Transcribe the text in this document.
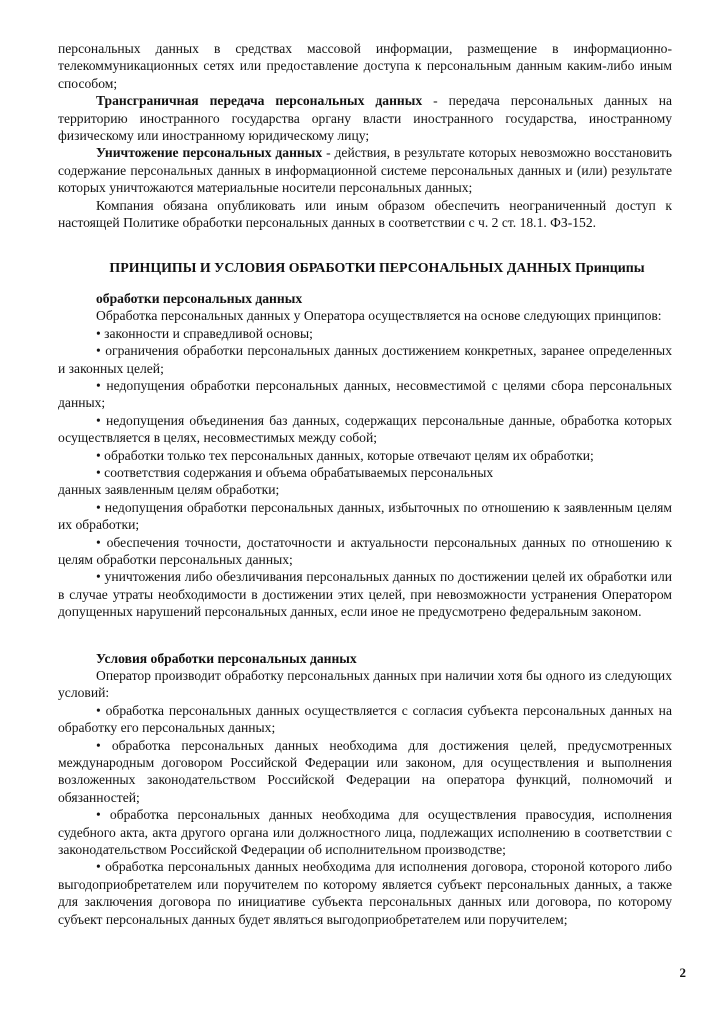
персональных данных в средствах массовой информации, размещение в информационно-телекоммуникационных сетях или предоставление доступа к персональным данным каким-либо иным способом;

Трансграничная передача персональных данных - передача персональных данных на территорию иностранного государства органу власти иностранного государства, иностранному физическому или иностранному юридическому лицу;

Уничтожение персональных данных - действия, в результате которых невозможно восстановить содержание персональных данных в информационной системе персональных данных и (или) результате которых уничтожаются материальные носители персональных данных;

Компания обязана опубликовать или иным образом обеспечить неограниченный доступ к настоящей Политике обработки персональных данных в соответствии с ч. 2 ст. 18.1. ФЗ-152.

ПРИНЦИПЫ И УСЛОВИЯ ОБРАБОТКИ ПЕРСОНАЛЬНЫХ ДАННЫХ Принципы

обработки персональных данных

Обработка персональных данных у Оператора осуществляется на основе следующих принципов:

• законности и справедливой основы;

• ограничения обработки персональных данных достижением конкретных, заранее определенных и законных целей;

• недопущения обработки персональных данных, несовместимой с целями сбора персональных данных;

• недопущения объединения баз данных, содержащих персональные данные, обработка которых осуществляется в целях, несовместимых между собой;

• обработки только тех персональных данных, которые отвечают целям их обработки;

• соответствия содержания и объема обрабатываемых персональных

данных заявленным целям обработки;

• недопущения обработки персональных данных, избыточных по отношению к заявленным целям их обработки;

• обеспечения точности, достаточности и актуальности персональных данных по отношению к целям обработки персональных данных;

• уничтожения либо обезличивания персональных данных по достижении целей их обработки или в случае утраты необходимости в достижении этих целей, при невозможности устранения Оператором допущенных нарушений персональных данных, если иное не предусмотрено федеральным законом.

Условия обработки персональных данных

Оператор производит обработку персональных данных при наличии хотя бы одного из следующих условий:

• обработка персональных данных осуществляется с согласия субъекта персональных данных на обработку его персональных данных;

• обработка персональных данных необходима для достижения целей, предусмотренных международным договором Российской Федерации или законом, для осуществления и выполнения возложенных законодательством Российской Федерации на оператора функций, полномочий и обязанностей;

• обработка персональных данных необходима для осуществления правосудия, исполнения судебного акта, акта другого органа или должностного лица, подлежащих исполнению в соответствии с законодательством Российской Федерации об исполнительном производстве;

• обработка персональных данных необходима для исполнения договора, стороной которого либо выгодоприобретателем или поручителем по которому является субъект персональных данных, а также для заключения договора по инициативе субъекта персональных данных или договора, по которому субъект персональных данных будет являться выгодоприобретателем или поручителем;

2
